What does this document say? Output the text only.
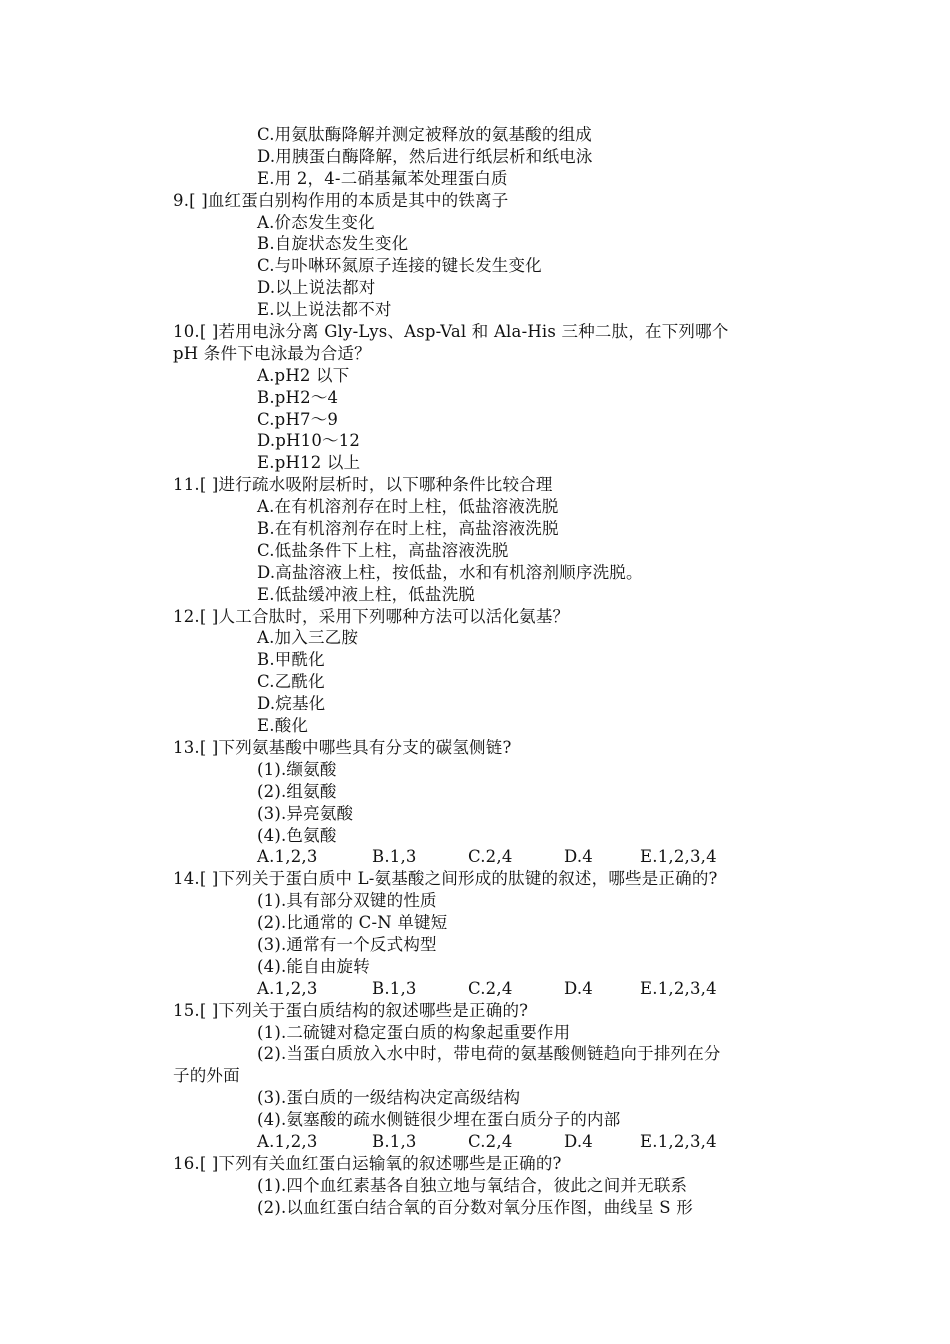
C.用氨肽酶降解并测定被释放的氨基酸的组成
D.用胰蛋白酶降解，然后进行纸层析和纸电泳
E.用 2，4-二硝基氟苯处理蛋白质
9.[ ]血红蛋白别构作用的本质是其中的铁离子
A.价态发生变化
B.自旋状态发生变化
C.与卟啉环氮原子连接的键长发生变化
D.以上说法都对
E.以上说法都不对
10.[ ]若用电泳分离 Gly-Lys、Asp-Val 和 Ala-His 三种二肽，在下列哪个
pH 条件下电泳最为合适？
A.pH2 以下
B.pH2～4
C.pH7～9
D.pH10～12
E.pH12 以上
11.[ ]进行疏水吸附层析时，以下哪种条件比较合理
A.在有机溶剂存在时上柱，低盐溶液洗脱
B.在有机溶剂存在时上柱，高盐溶液洗脱
C.低盐条件下上柱，高盐溶液洗脱
D.高盐溶液上柱，按低盐，水和有机溶剂顺序洗脱。
E.低盐缓冲液上柱，低盐洗脱
12.[ ]人工合肽时，采用下列哪种方法可以活化氨基？
A.加入三乙胺
B.甲酰化
C.乙酰化
D.烷基化
E.酸化
13.[ ]下列氨基酸中哪些具有分支的碳氢侧链?
(1).缬氨酸
(2).组氨酸
(3).异亮氨酸
(4).色氨酸
A.1,2,3	B.1,3	C.2,4	D.4	E.1,2,3,4
14.[ ]下列关于蛋白质中 L-氨基酸之间形成的肽键的叙述，哪些是正确的?
(1).具有部分双键的性质
(2).比通常的 C-N 单键短
(3).通常有一个反式构型
(4).能自由旋转
A.1,2,3	B.1,3	C.2,4	D.4	E.1,2,3,4
15.[ ]下列关于蛋白质结构的叙述哪些是正确的?
(1).二硫键对稳定蛋白质的构象起重要作用
(2).当蛋白质放入水中时，带电荷的氨基酸侧链趋向于排列在分
子的外面
(3).蛋白质的一级结构决定高级结构
(4).氨塞酸的疏水侧链很少埋在蛋白质分子的内部
A.1,2,3	B.1,3	C.2,4	D.4	E.1,2,3,4
16.[ ]下列有关血红蛋白运输氧的叙述哪些是正确的?
(1).四个血红素基各自独立地与氧结合，彼此之间并无联系
(2).以血红蛋白结合氧的百分数对氧分压作图，曲线呈 S 形
